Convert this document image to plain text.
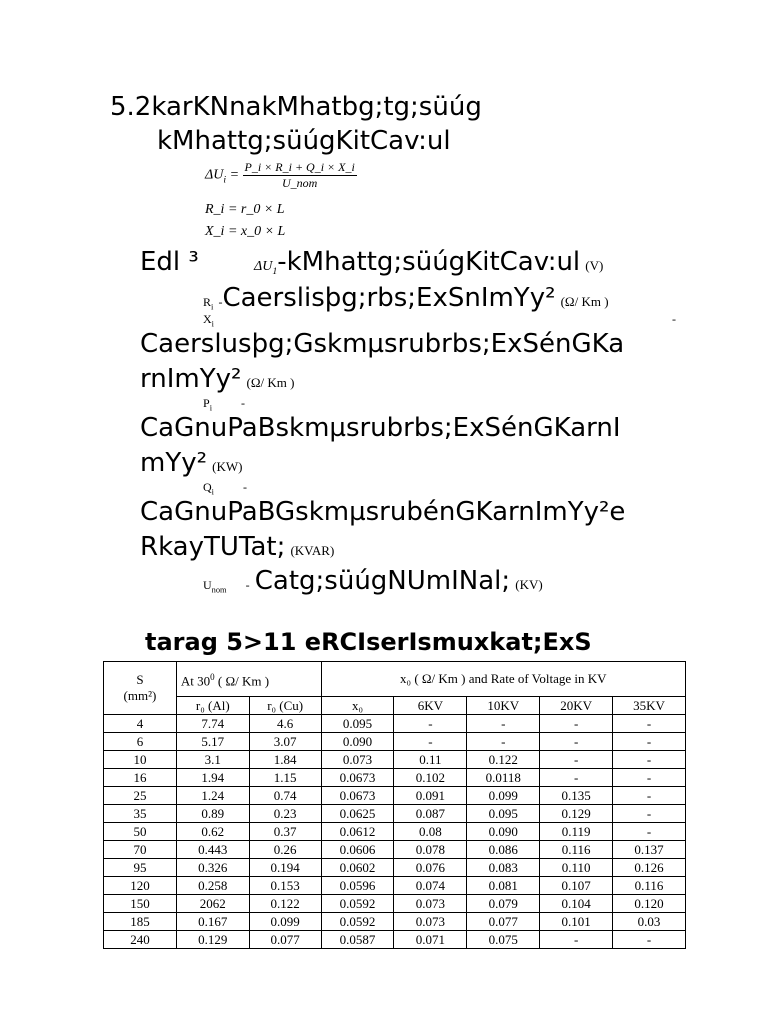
5.2karKNnakMhatbg;tg;süúg
kMhattg;süúgKitCav:ul
$\Delta U_i = \frac{P\_i \times R\_i + Q\_i \times X\_i}{\text{U\_nom}}$
R_i = r_0 × L
X_i = x_0 × L
Edl ³	$\Delta U_1-kMhattg;süúgKitCav:ul$ (V)
$R_i$ -Caerslisþg;rbs;ExSnImYy² (Ω/ Km )
$X_i$	-
Caerslusþg;Gskmµsrubrbs;ExSénGKa
rnImYy² (Ω/ Km )
$P_i$ -
CaGnuPaBskmµsrubrbs;ExSénGKarnI
mYy² (KW)
$Q_i$ -
CaGnuPaBGskmµsrubénGKarnImYy²e
RkayTUTat; (KVAR)
$U_{nom}$ - Catg;süúgNUmINal; (KV)
tarag 5>11 eRCIserIsmuxkat;ExS
S
(mm²)	At $30^0$ ( Ω/ Km )		x₀ ( Ω/ Km ) and Rate of Voltage in KV				
	r₀ (Al)	r₀ (Cu)	x₀	6KV	10KV	20KV	35KV
4	7.74	4.6	0.095	-	-	-	-
6	5.17	3.07	0.090	-	-	-	-
10	3.1	1.84	0.073	0.11	0.122	-	-
16	1.94	1.15	0.0673	0.102	0.0118	-	-
25	1.24	0.74	0.0673	0.091	0.099	0.135	-
35	0.89	0.23	0.0625	0.087	0.095	0.129	-
50	0.62	0.37	0.0612	0.08	0.090	0.119	-
70	0.443	0.26	0.0606	0.078	0.086	0.116	0.137
95	0.326	0.194	0.0602	0.076	0.083	0.110	0.126
120	0.258	0.153	0.0596	0.074	0.081	0.107	0.116
150	2062	0.122	0.0592	0.073	0.079	0.104	0.120
185	0.167	0.099	0.0592	0.073	0.077	0.101	0.03
240	0.129	0.077	0.0587	0.071	0.075	-	-
